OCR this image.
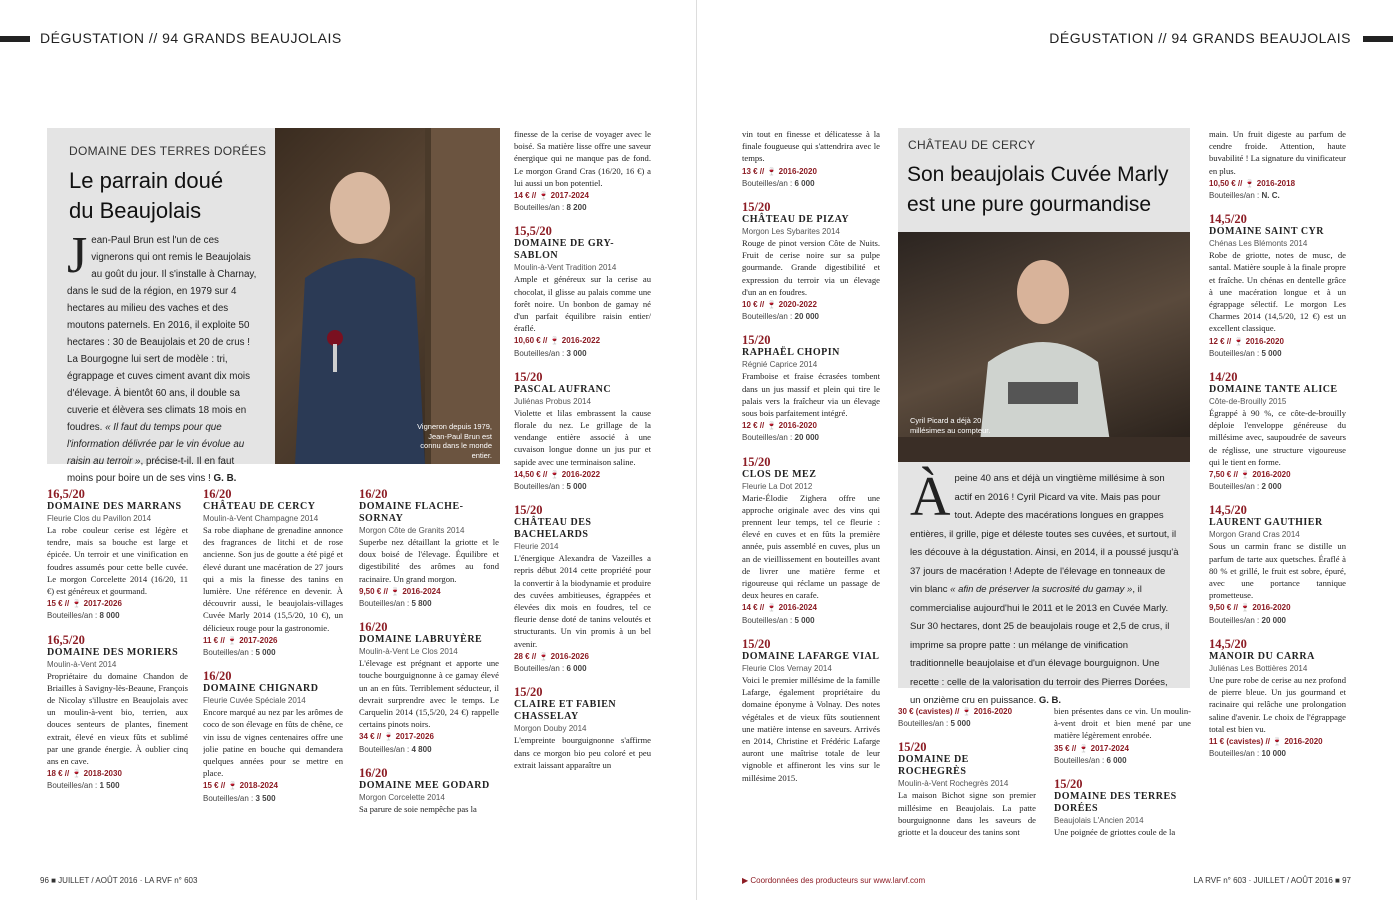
DÉGUSTATION // 94 GRANDS BEAUJOLAIS	DÉGUSTATION // 94 GRANDS BEAUJOLAIS
DOMAINE DES TERRES DORÉES
Le parrain doué
du Beaujolais
Jean-Paul Brun est l'un de ces vignerons qui ont remis le Beaujolais au goût du jour. Il s'installe à Charnay, dans le sud de la région, en 1979 sur 4 hectares au milieu des vaches et des moutons paternels. En 2016, il exploite 50 hectares : 30 de Beaujolais et 20 de crus ! La Bourgogne lui sert de modèle : tri, égrappage et cuves ciment avant dix mois d'élevage. À bientôt 60 ans, il double sa cuverie et élèvera ses climats 18 mois en foudres. « Il faut du temps pour que l'information délivrée par le vin évolue au raisin au terroir », précise-t-il. Il en faut moins pour boire un de ses vins ! G. B.
Vigneron depuis 1979, Jean-Paul Brun est connu dans le monde entier.
CHÂTEAU DE CERCY
Son beaujolais Cuvée Marly
est une pure gourmandise
Cyril Picard a déjà 20 millésimes au compteur.
Àpeine 40 ans et déjà un vingtième millésime à son actif en 2016 ! Cyril Picard va vite. Mais pas pour tout. Adepte des macérations longues en grappes entières, il grille, pige et déleste toutes ses cuvées, et surtout, il les découve à la dégustation. Ainsi, en 2014, il a poussé jusqu'à 37 jours de macération ! Adepte de l'élevage en tonneaux de vin blanc « afin de préserver la sucrosité du gamay », il commercialise aujourd'hui le 2011 et le 2013 en Cuvée Marly. Sur 30 hectares, dont 25 de beaujolais rouge et 2,5 de crus, il imprime sa propre patte : un mélange de vinification traditionnelle beaujolaise et d'un élevage bourguignon. Une recette : celle de la valorisation du terroir des Pierres Dorées, un onzième cru en puissance. G. B.
16,5/20
DOMAINE DES MARRANS
Fleurie Clos du Pavillon 2014
La robe couleur cerise est légère et tendre, mais sa bouche est large et épicée. Un terroir et une vinification en foudres assumés pour cette belle cuvée. Le morgon Corcelette 2014 (16/20, 11 €) est généreux et gourmand.
15 € // 🍷 2017-2026
Bouteilles/an : 8 000
16,5/20
DOMAINE DES MORIERS
Moulin-à-Vent 2014
Propriétaire du domaine Chandon de Briailles à Savigny-lès-Beaune, François de Nicolay s'illustre en Beaujolais avec un moulin-à-vent bio, terrien, aux douces senteurs de plantes, finement extrait, élevé en vieux fûts et sublimé par une grande énergie. À oublier cinq ans en cave.
18 € // 🍷 2018-2030
Bouteilles/an : 1 500
16/20
CHÂTEAU DE CERCY
Moulin-à-Vent Champagne 2014
Sa robe diaphane de grenadine annonce des fragrances de litchi et de rose ancienne. Son jus de goutte a été pigé et élevé durant une macération de 27 jours qui a mis la finesse des tanins en lumière. Une référence en devenir. À découvrir aussi, le beaujolais-villages Cuvée Marly 2014 (15,5/20, 10 €), un délicieux rouge pour la gastronomie.
11 € // 🍷 2017-2026
Bouteilles/an : 5 000
16/20
DOMAINE CHIGNARD
Fleurie Cuvée Spéciale 2014
Encore marqué au nez par les arômes de coco de son élevage en fûts de chêne, ce vin issu de vignes centenaires offre une jolie patine en bouche qui demandera quelques années pour se mettre en place.
15 € // 🍷 2018-2024
Bouteilles/an : 3 500
16/20
DOMAINE FLACHE-SORNAY
Morgon Côte de Granits 2014
Superbe nez détaillant la griotte et le doux boisé de l'élevage. Équilibre et digestibilité des arômes au fond racinaire. Un grand morgon.
9,50 € // 🍷 2016-2024
Bouteilles/an : 5 800
16/20
DOMAINE LABRUYÈRE
Moulin-à-Vent Le Clos 2014
L'élevage est prégnant et apporte une touche bourguignonne à ce gamay élevé un an en fûts. Terriblement séducteur, il devrait surprendre avec le temps. Le Carquelin 2014 (15,5/20, 24 €) rappelle certains pinots noirs.
34 € // 🍷 2017-2026
Bouteilles/an : 4 800
16/20
DOMAINE MEE GODARD
Morgon Corcelette 2014
Sa parure de soie nempêche pas la
finesse de la cerise de voyager avec le boisé. Sa matière lisse offre une saveur énergique qui ne manque pas de fond. Le morgon Grand Cras (16/20, 16 €) a lui aussi un bon potentiel.
14 € // 🍷 2017-2024
Bouteilles/an : 8 200
15,5/20
DOMAINE DE GRY-SABLON
Moulin-à-Vent Tradition 2014
Ample et généreux sur la cerise au chocolat, il glisse au palais comme une forêt noire. Un bonbon de gamay né d'un parfait équilibre raisin entier/éraflé.
10,60 € // 🍷 2016-2022
Bouteilles/an : 3 000
15/20
PASCAL AUFRANC
Juliénas Probus 2014
Violette et lilas embrassent la cause florale du nez. Le grillage de la vendange entière associé à une cuvaison longue donne un jus pur et sapide avec une terminaison saline.
14,50 € // 🍷 2016-2022
Bouteilles/an : 5 000
15/20
CHÂTEAU DES BACHELARDS
Fleurie 2014
L'énergique Alexandra de Vazeilles a repris début 2014 cette propriété pour la convertir à la biodynamie et produire des cuvées ambitieuses, égrappées et élevées dix mois en foudres, tel ce fleurie dense doté de tanins veloutés et structurants. Un vin promis à un bel avenir.
28 € // 🍷 2016-2026
Bouteilles/an : 6 000
15/20
CLAIRE ET FABIEN CHASSELAY
Morgon Douby 2014
L'empreinte bourguignonne s'affirme dans ce morgon bio peu coloré et peu extrait laissant apparaître un
vin tout en finesse et délicatesse à la finale fougueuse qui s'attendrira avec le temps.
13 € // 🍷 2016-2020
Bouteilles/an : 6 000
15/20
CHÂTEAU DE PIZAY
Morgon Les Sybarites 2014
Rouge de pinot version Côte de Nuits. Fruit de cerise noire sur sa pulpe gourmande. Grande digestibilité et expression du terroir via un élevage d'un an en foudres.
10 € // 🍷 2020-2022
Bouteilles/an : 20 000
15/20
RAPHAËL CHOPIN
Régnié Caprice 2014
Framboise et fraise écrasées tombent dans un jus massif et plein qui tire le palais vers la fraîcheur via un élevage sous bois parfaitement intégré.
12 € // 🍷 2016-2020
Bouteilles/an : 20 000
15/20
CLOS DE MEZ
Fleurie La Dot 2012
Marie-Élodie Zighera offre une approche originale avec des vins qui prennent leur temps, tel ce fleurie : élevé en cuves et en fûts la première année, puis assemblé en cuves, plus un an de vieillissement en bouteilles avant de livrer une matière ferme et rigoureuse qui réclame un passage de deux heures en carafe.
14 € // 🍷 2016-2024
Bouteilles/an : 5 000
15/20
DOMAINE LAFARGE VIAL
Fleurie Clos Vernay 2014
Voici le premier millésime de la famille Lafarge, également propriétaire du domaine éponyme à Volnay. Des notes végétales et de vieux fûts soutiennent une matière intense en saveurs. Arrivés en 2014, Christine et Frédéric Lafarge auront une maîtrise totale de leur vignoble et affineront les vins sur le millésime 2015.
30 € (cavistes) // 🍷 2016-2020
Bouteilles/an : 5 000
15/20
DOMAINE DE ROCHEGRÈS
Moulin-à-Vent Rochegrès 2014
La maison Bichot signe son premier millésime en Beaujolais. La patte bourguignonne dans les saveurs de griotte et la douceur des tanins sont
bien présentes dans ce vin. Un moulin-à-vent droit et bien mené par une matière légèrement enrobée.
35 € // 🍷 2017-2024
Bouteilles/an : 6 000
15/20
DOMAINE DES TERRES DORÉES
Beaujolais L'Ancien 2014
Une poignée de griottes coule de la
main. Un fruit digeste au parfum de cendre froide. Attention, haute buvabilité ! La signature du vinificateur en plus.
10,50 € // 🍷 2016-2018
Bouteilles/an : N. C.
14,5/20
DOMAINE SAINT CYR
Chénas Les Blémonts 2014
Robe de griotte, notes de musc, de santal. Matière souple à la finale propre et fraîche. Un chénas en dentelle grâce à une macération longue et à un égrappage sélectif. Le morgon Les Charmes 2014 (14,5/20, 12 €) est un excellent classique.
12 € // 🍷 2016-2020
Bouteilles/an : 5 000
14/20
DOMAINE TANTE ALICE
Côte-de-Brouilly 2015
Égrappé à 90 %, ce côte-de-brouilly déploie l'enveloppe généreuse du millésime avec, saupoudrée de saveurs de réglisse, une structure vigoureuse qui le tient en forme.
7,50 € // 🍷 2016-2020
Bouteilles/an : 2 000
14,5/20
LAURENT GAUTHIER
Morgon Grand Cras 2014
Sous un carmin franc se distille un parfum de tarte aux quetsches. Éraflé à 80 % et grillé, le fruit est sobre, épuré, avec une portance tannique prometteuse.
9,50 € // 🍷 2016-2020
Bouteilles/an : 20 000
14,5/20
MANOIR DU CARRA
Juliénas Les Bottières 2014
Une pure robe de cerise au nez profond de pierre bleue. Un jus gourmand et racinaire qui relâche une prolongation saline d'avenir. Le choix de l'égrappage total est bien vu.
11 € (cavistes) // 🍷 2016-2020
Bouteilles/an : 10 000
96 ■ JUILLET / AOÛT 2016 · LA RVF n° 603	▶ Coordonnées des producteurs sur www.larvf.com	LA RVF n° 603 · JUILLET / AOÛT 2016 ■ 97
